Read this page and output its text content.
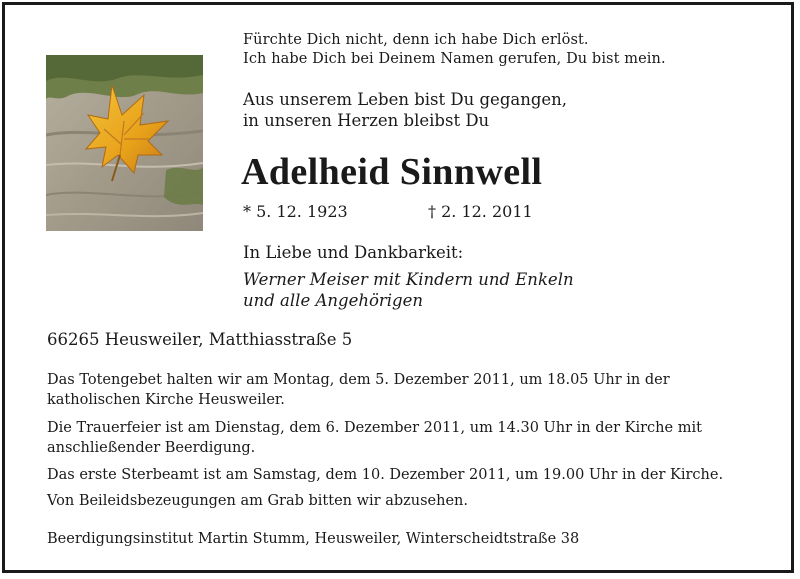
Fürchte Dich nicht, denn ich habe Dich erlöst.
Ich habe Dich bei Deinem Namen gerufen, Du bist mein.
Aus unserem Leben bist Du gegangen,
in unseren Herzen bleibst Du
Adelheid Sinnwell
* 5. 12. 1923	† 2. 12. 2011
In Liebe und Dankbarkeit:
Werner Meiser mit Kindern und Enkeln
und alle Angehörigen
66265 Heusweiler, Matthiasstraße 5
Das Totengebet halten wir am Montag, dem 5. Dezember 2011, um 18.05 Uhr in der
katholischen Kirche Heusweiler.
Die Trauerfeier ist am Dienstag, dem 6. Dezember 2011, um 14.30 Uhr in der Kirche mit
anschließender Beerdigung.
Das erste Sterbeamt ist am Samstag, dem 10. Dezember 2011, um 19.00 Uhr in der Kirche.
Von Beileidsbezeugungen am Grab bitten wir abzusehen.
Beerdigungsinstitut Martin Stumm, Heusweiler, Winterscheidtstraße 38
